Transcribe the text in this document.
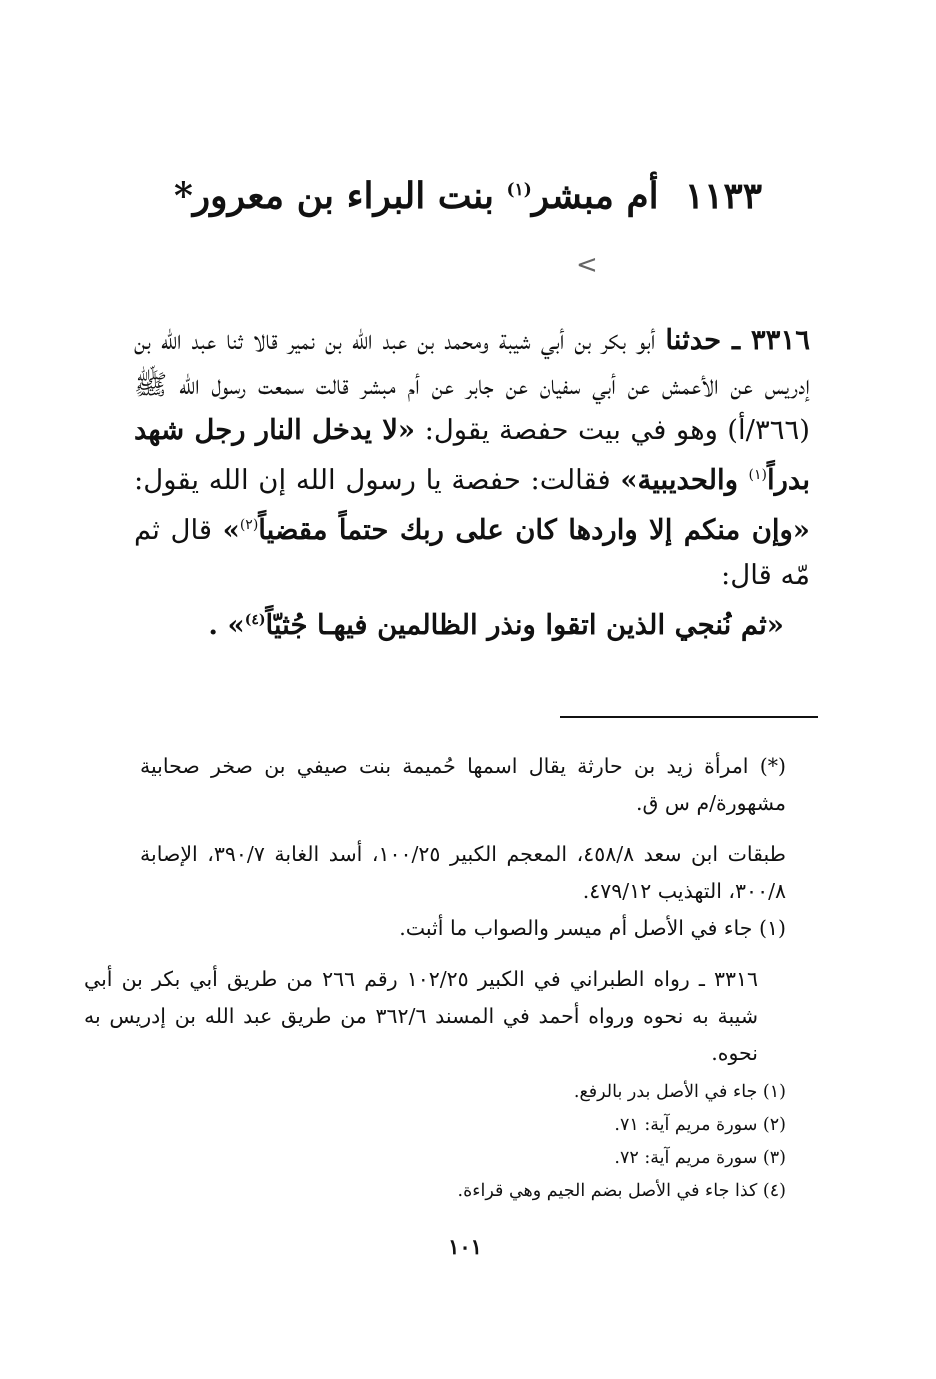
١١٣٣أم مبشر$^{(١)}$ بنت البراء بن معرور*
<
٣٣١٦ ـ حدثنا أبو بكر بن أبي شيبة ومحمد بن عبد الله بن نمير قالا ثنا عبد الله بن إدريس عن الأعمش عن أبي سفيان عن جابر عن أم مبشر قالت سمعت رسول الله ﷺ (٣٦٦/أ) وهو في بيت حفصة يقول: «لا يدخل النار رجل شهد بدراً$^{(١)}$ والحديبية» فقالت: حفصة يا رسول الله إن الله يقول: «وإن منكم إلا واردها كان على ربك حتماً مقضياً$^{(٢)}$» قال ثم مّه قال:
«ثم نُنجي الذين اتقوا ونذر الظالمين فيهـا جُثيّاً$^{(٤)}$» .

(*) امرأة زيد بن حارثة يقال اسمها حُميمة بنت صيفي بن صخر صحابية مشهورة/م س ق.

طبقات ابن سعد ٤٥٨/٨، المعجم الكبير ١٠٠/٢٥، أسد الغابة ٣٩٠/٧، الإصابة ٣٠٠/٨، التهذيب ٤٧٩/١٢.

(١) جاء في الأصل أم ميسر والصواب ما أثبت.

٣٣١٦ ـ رواه الطبراني في الكبير ١٠٢/٢٥ رقم ٢٦٦ من طريق أبي بكر بن أبي شيبة به نحوه ورواه أحمد في المسند ٣٦٢/٦ من طريق عبد الله بن إدريس به نحوه.

(١) جاء في الأصل بدر بالرفع.

(٢) سورة مريم آية: ٧١.

(٣) سورة مريم آية: ٧٢.

(٤) كذا جاء في الأصل بضم الجيم وهي قراءة.

١٠١
